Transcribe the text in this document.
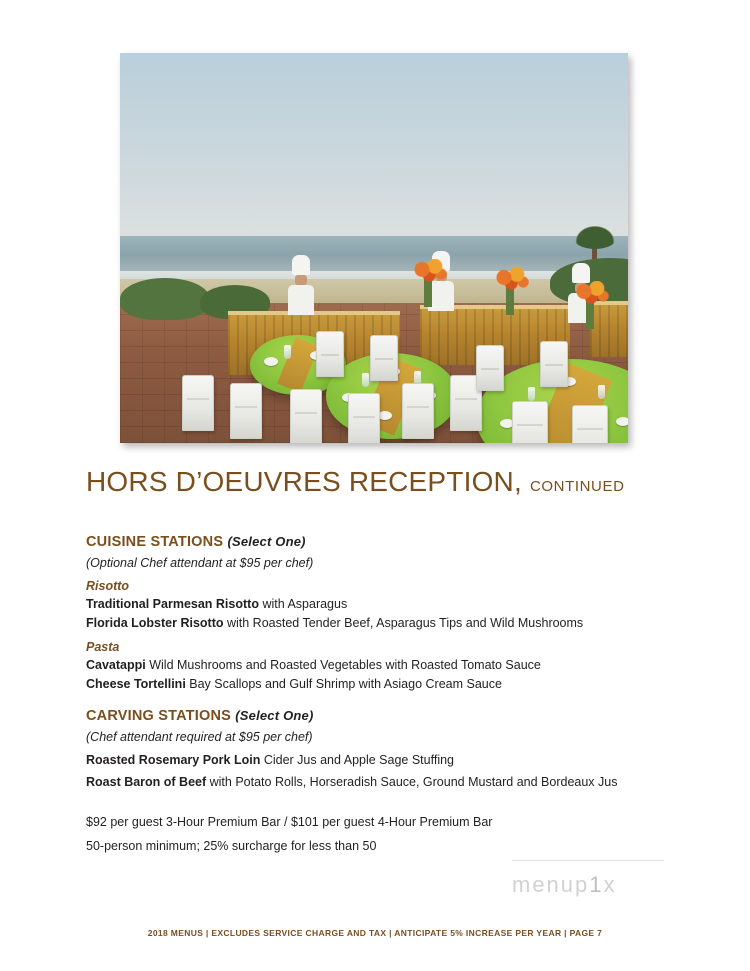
HORS D’OEUVRES RECEPTION, CONTINUED
CUISINE STATIONS (Select One)
(Optional Chef attendant at $95 per chef)
Risotto
Traditional Parmesan Risotto with Asparagus
Florida Lobster Risotto with Roasted Tender Beef, Asparagus Tips and Wild Mushrooms
Pasta
Cavatappi Wild Mushrooms and Roasted Vegetables with Roasted Tomato Sauce
Cheese Tortellini Bay Scallops and Gulf Shrimp with Asiago Cream Sauce
CARVING STATIONS (Select One)
(Chef attendant required at $95 per chef)
Roasted Rosemary Pork Loin Cider Jus and Apple Sage Stuffing
Roast Baron of Beef with Potato Rolls, Horseradish Sauce, Ground Mustard and Bordeaux Jus
$92 per guest 3-Hour Premium Bar / $101 per guest 4-Hour Premium Bar
50-person minimum; 25% surcharge for less than 50
menup1x
2018 MENUS | EXCLUDES SERVICE CHARGE AND TAX | ANTICIPATE 5% INCREASE PER YEAR | PAGE 7
